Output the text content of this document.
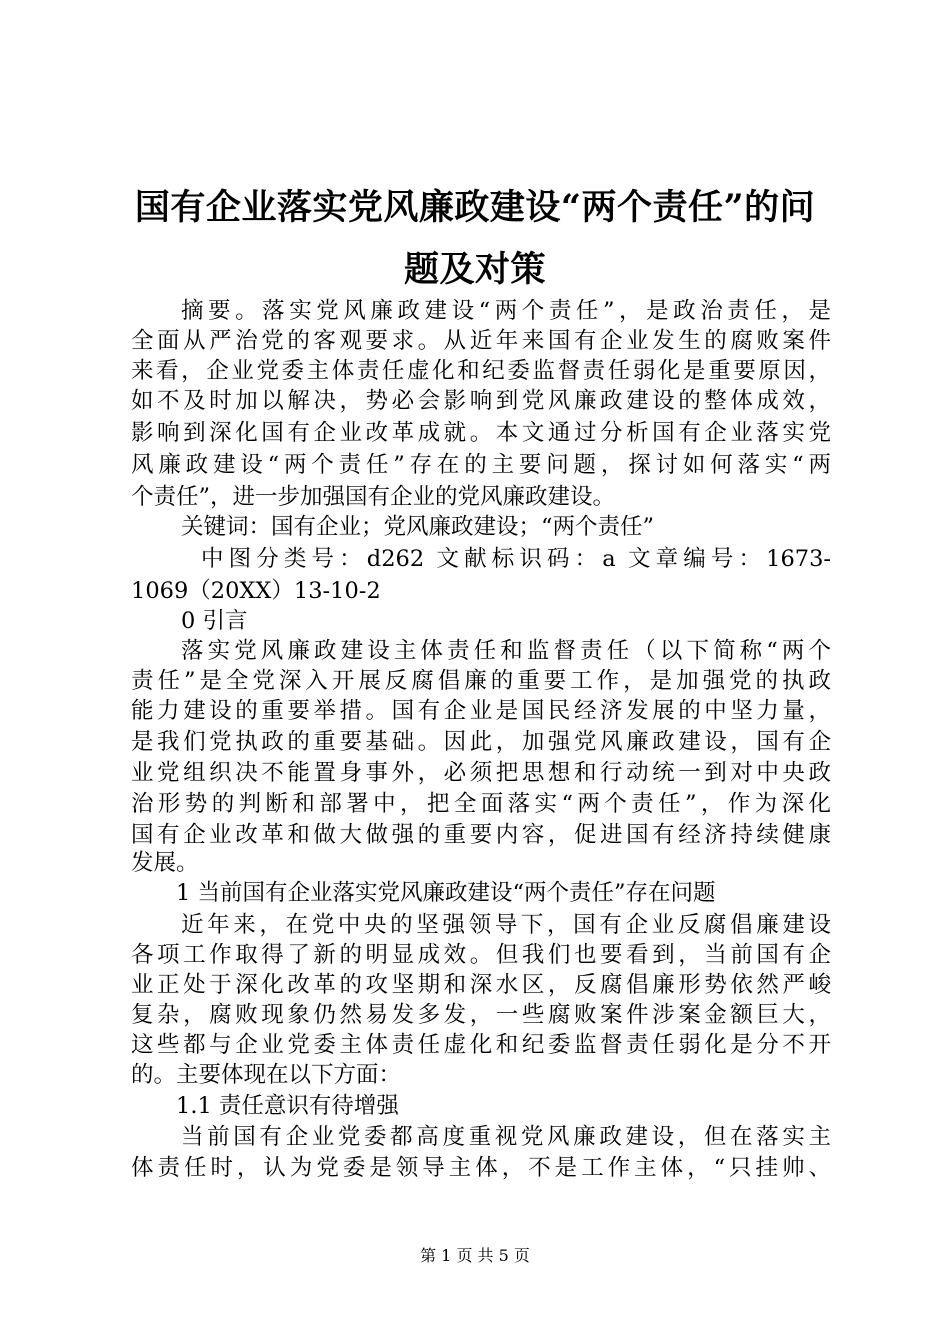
国有企业落实党风廉政建设“两个责任”的问
题及对策
摘要。落实党风廉政建设“两个责任”，是政治责任，是
全面从严治党的客观要求。从近年来国有企业发生的腐败案件
来看，企业党委主体责任虚化和纪委监督责任弱化是重要原因，
如不及时加以解决，势必会影响到党风廉政建设的整体成效，
影响到深化国有企业改革成就。本文通过分析国有企业落实党
风廉政建设“两个责任”存在的主要问题，探讨如何落实“两
个责任”，进一步加强国有企业的党风廉政建设。
关键词：国有企业；党风廉政建设；“两个责任”
中图分类号：d262 文献标识码：a 文章编号：1673-
1069（20XX）13-10-2
0 引言
落实党风廉政建设主体责任和监督责任（以下简称“两个
责任”是全党深入开展反腐倡廉的重要工作，是加强党的执政
能力建设的重要举措。国有企业是国民经济发展的中坚力量，
是我们党执政的重要基础。因此，加强党风廉政建设，国有企
业党组织决不能置身事外，必须把思想和行动统一到对中央政
治形势的判断和部署中，把全面落实“两个责任”，作为深化
国有企业改革和做大做强的重要内容，促进国有经济持续健康
发展。
1 当前国有企业落实党风廉政建设“两个责任”存在问题
近年来，在党中央的坚强领导下，国有企业反腐倡廉建设
各项工作取得了新的明显成效。但我们也要看到，当前国有企
业正处于深化改革的攻坚期和深水区，反腐倡廉形势依然严峻
复杂，腐败现象仍然易发多发，一些腐败案件涉案金额巨大，
这些都与企业党委主体责任虚化和纪委监督责任弱化是分不开
的。主要体现在以下方面：
1.1 责任意识有待增强
当前国有企业党委都高度重视党风廉政建设，但在落实主
体责任时，认为党委是领导主体，不是工作主体，“只挂帅、
第 1 页 共 5 页
